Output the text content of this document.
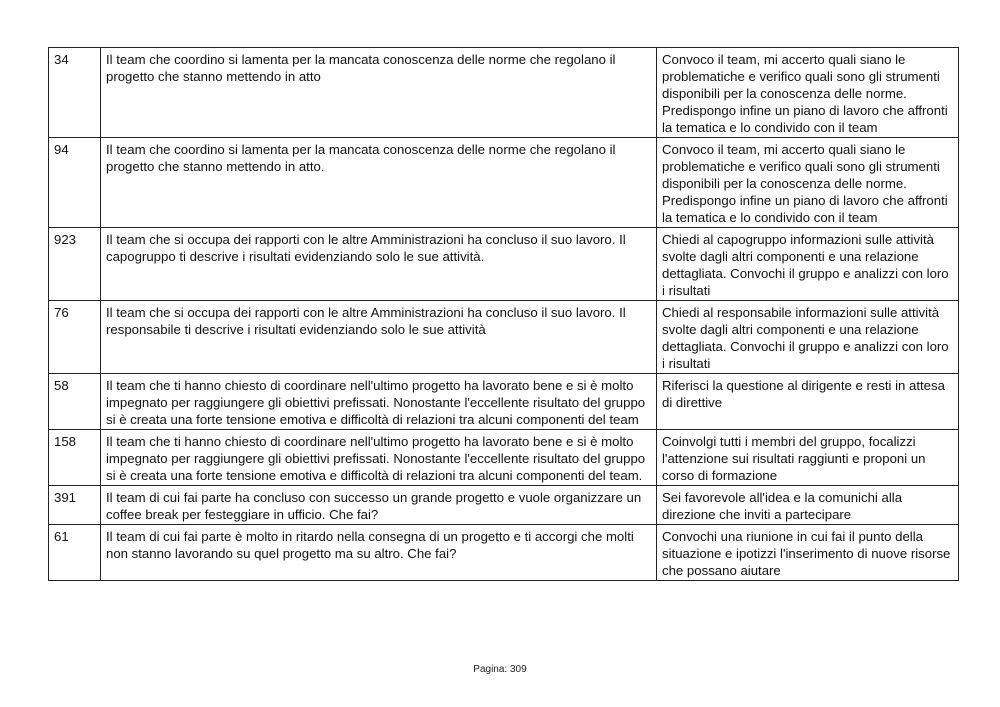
34	Il team che coordino si lamenta per la mancata conoscenza delle norme che regolano il progetto che stanno mettendo in atto	Convoco il team, mi accerto quali siano le problematiche e verifico quali sono gli strumenti disponibili per la conoscenza delle norme. Predispongo infine un piano di lavoro che affronti la tematica e lo condivido con il team
94	Il team che coordino si lamenta per la mancata conoscenza delle norme che regolano il progetto che stanno mettendo in atto.	Convoco il team, mi accerto quali siano le problematiche e verifico quali sono gli strumenti disponibili per la conoscenza delle norme. Predispongo infine un piano di lavoro che affronti la tematica e lo condivido con il team
923	Il team che si occupa dei rapporti con le altre Amministrazioni ha concluso il suo lavoro. Il capogruppo ti descrive i risultati evidenziando solo le sue attività.	Chiedi al capogruppo informazioni sulle attività svolte dagli altri componenti e una relazione dettagliata. Convochi il gruppo e analizzi con loro i risultati
76	Il team che si occupa dei rapporti con le altre Amministrazioni ha concluso il suo lavoro. Il responsabile ti descrive i risultati evidenziando solo le sue attività	Chiedi al responsabile informazioni sulle attività svolte dagli altri componenti e una relazione dettagliata. Convochi il gruppo e analizzi con loro i risultati
58	Il team che ti hanno chiesto di coordinare nell'ultimo progetto ha lavorato bene e si è molto impegnato per raggiungere gli obiettivi prefissati. Nonostante l'eccellente risultato del gruppo si è creata una forte tensione emotiva e difficoltà di relazioni tra alcuni componenti del team	Riferisci la questione al dirigente e resti in attesa di direttive
158	Il team che ti hanno chiesto di coordinare nell'ultimo progetto ha lavorato bene e si è molto impegnato per raggiungere gli obiettivi prefissati. Nonostante l'eccellente risultato del gruppo si è creata una forte tensione emotiva e difficoltà di relazioni tra alcuni componenti del team.	Coinvolgi tutti i membri del gruppo, focalizzi l'attenzione sui risultati raggiunti e proponi un corso di formazione
391	Il team di cui fai parte ha concluso con successo un grande progetto e vuole organizzare un coffee break per festeggiare in ufficio. Che fai?	Sei favorevole all'idea e la comunichi alla direzione che inviti a partecipare
61	Il team di cui fai parte è molto in ritardo nella consegna di un progetto e ti accorgi che molti non stanno lavorando su quel progetto ma su altro. Che fai?	Convochi una riunione in cui fai il punto della situazione e ipotizzi l'inserimento di nuove risorse che possano aiutare
Pagina: 309
